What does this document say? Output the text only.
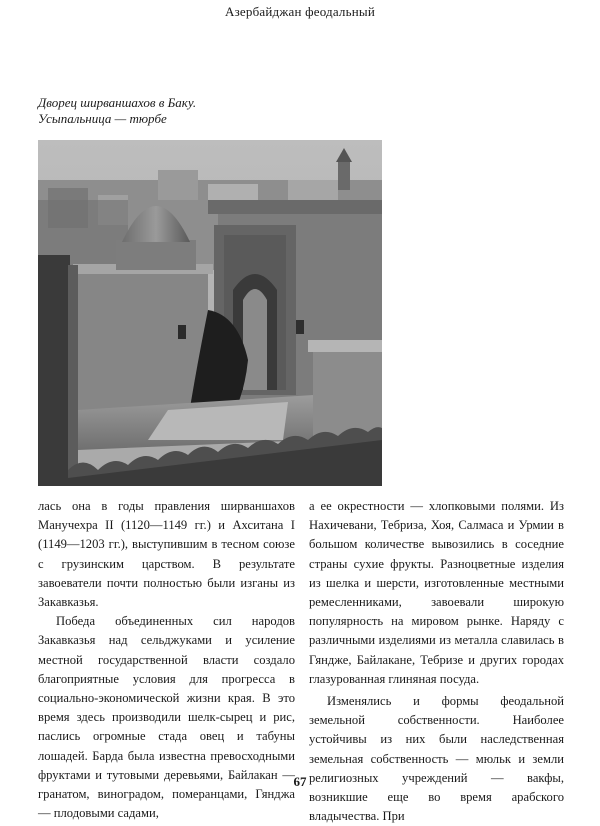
Азербайджан феодальный
Дворец ширваншахов в Баку.
Усыпальница — тюрбе

лась она в годы правления ширваншахов Манучехра II (1120—1149 гг.) и Ахситана I (1149—1203 гг.), выступившим в тесном союзе с грузинским царством. В результате завоеватели почти полностью были изганы из Закавказья.

Победа объединенных сил народов Закавказья над сельджуками и усиление местной государственной власти создало благоприятные условия для прогресса в социально-экономической жизни края. В это время здесь производили шелк-сырец и рис, паслись огромные стада овец и табуны лошадей. Барда была известна превосходными фруктами и тутовыми деревьями, Байлакан — гранатом, виноградом, померанцами, Гянджа — плодовыми садами,

а ее окрестности — хлопковыми полями. Из Нахичевани, Тебриза, Хоя, Салмаса и Урмии в большом количестве вывозились в соседние страны сухие фрукты. Разноцветные изделия из шелка и шерсти, изготовленные местными ремесленниками, завоевали широкую популярность на мировом рынке. Наряду с различными изделиями из металла славилась в Гяндже, Байлакане, Тебризе и других городах глазурованная глиняная посуда.

Изменялись и формы феодальной земельной собственности. Наиболее устойчивы из них были наследственная земельная собственность — мюльк и земли религиозных учреждений — вакфы, возникшие еще во время арабского владычества. При

67
